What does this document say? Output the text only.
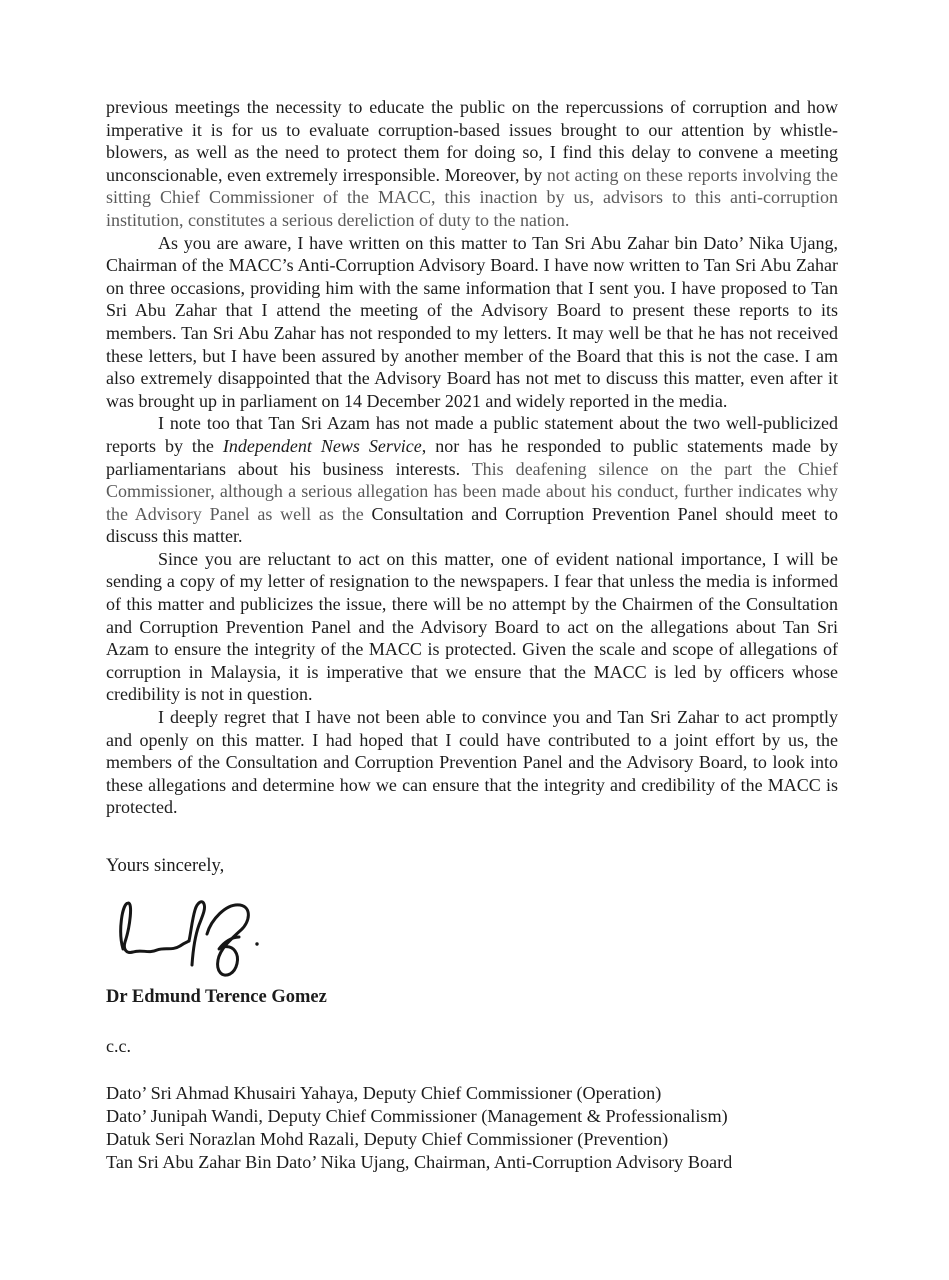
previous meetings the necessity to educate the public on the repercussions of corruption and how imperative it is for us to evaluate corruption-based issues brought to our attention by whistle-blowers, as well as the need to protect them for doing so, I find this delay to convene a meeting unconscionable, even extremely irresponsible. Moreover, by not acting on these reports involving the sitting Chief Commissioner of the MACC, this inaction by us, advisors to this anti-corruption institution, constitutes a serious dereliction of duty to the nation.

As you are aware, I have written on this matter to Tan Sri Abu Zahar bin Dato’ Nika Ujang, Chairman of the MACC’s Anti-Corruption Advisory Board. I have now written to Tan Sri Abu Zahar on three occasions, providing him with the same information that I sent you. I have proposed to Tan Sri Abu Zahar that I attend the meeting of the Advisory Board to present these reports to its members. Tan Sri Abu Zahar has not responded to my letters. It may well be that he has not received these letters, but I have been assured by another member of the Board that this is not the case. I am also extremely disappointed that the Advisory Board has not met to discuss this matter, even after it was brought up in parliament on 14 December 2021 and widely reported in the media.

I note too that Tan Sri Azam has not made a public statement about the two well-publicized reports by the Independent News Service, nor has he responded to public statements made by parliamentarians about his business interests. This deafening silence on the part the Chief Commissioner, although a serious allegation has been made about his conduct, further indicates why the Advisory Panel as well as the Consultation and Corruption Prevention Panel should meet to discuss this matter.

Since you are reluctant to act on this matter, one of evident national importance, I will be sending a copy of my letter of resignation to the newspapers. I fear that unless the media is informed of this matter and publicizes the issue, there will be no attempt by the Chairmen of the Consultation and Corruption Prevention Panel and the Advisory Board to act on the allegations about Tan Sri Azam to ensure the integrity of the MACC is protected. Given the scale and scope of allegations of corruption in Malaysia, it is imperative that we ensure that the MACC is led by officers whose credibility is not in question.

I deeply regret that I have not been able to convince you and Tan Sri Zahar to act promptly and openly on this matter. I had hoped that I could have contributed to a joint effort by us, the members of the Consultation and Corruption Prevention Panel and the Advisory Board, to look into these allegations and determine how we can ensure that the integrity and credibility of the MACC is protected.

Yours sincerely,
Dr Edmund Terence Gomez
c.c.
Dato’ Sri Ahmad Khusairi Yahaya, Deputy Chief Commissioner (Operation)
Dato’ Junipah Wandi, Deputy Chief Commissioner (Management & Professionalism)
Datuk Seri Norazlan Mohd Razali, Deputy Chief Commissioner (Prevention)
Tan Sri Abu Zahar Bin Dato’ Nika Ujang, Chairman, Anti-Corruption Advisory Board
